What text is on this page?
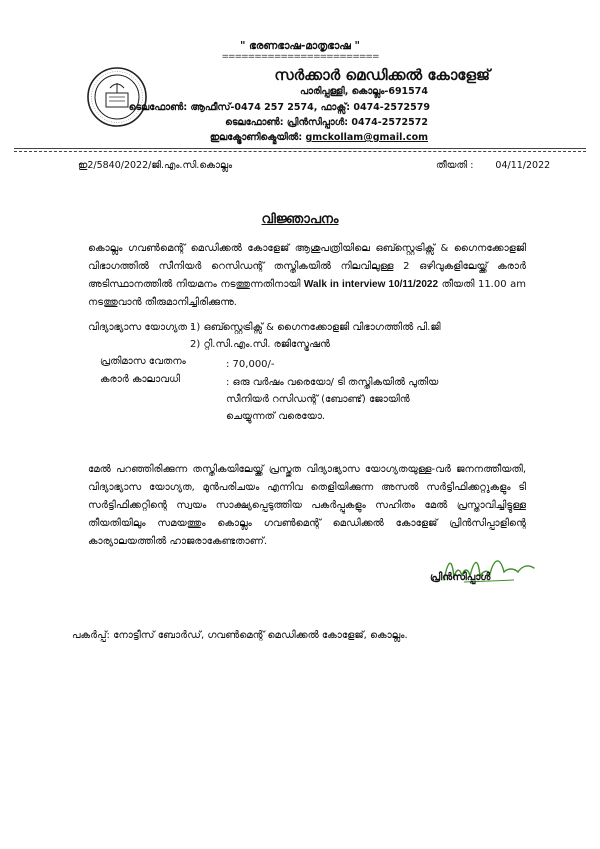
" ഭരണഭാഷ-മാതൃഭാഷ "
========================
സർക്കാർ മെഡിക്കൽ കോളേജ്
പാരിപ്പള്ളി, കൊല്ലം-691574
ടെലഫോൺ: ആഫീസ്-0474 257 2574, ഫാക്സ്: 0474-2572579
ടെലഫോൺ: പ്രിൻസിപ്പാൾ: 0474-2572572
ഇലക്ട്രോണിക്മെയിൽ: gmckollam@gmail.com
ഇ2/5840/2022/ജി.എം.സി.കൊല്ലം	തീയതി : 04/11/2022
വിജ്ഞാപനം
കൊല്ലം ഗവൺമെന്റ് മെഡിക്കൽ കോളേജ് ആശുപത്രിയിലെ ഒബ്സ്റ്റെട്രിക്സ് & ഗൈനക്കോളജി വിഭാഗത്തിൽ സീനിയർ റെസിഡന്റ് തസ്തികയിൽ നിലവിലുള്ള 2 ഒഴിവുകളിലേയ്ക്ക് കരാർ അടിസ്ഥാനത്തിൽ നിയമനം നടത്തുന്നതിനായി Walk in interview 10/11/2022 തീയതി 11.00 am നടത്തുവാൻ തീരുമാനിച്ചിരിക്കുന്നു.
വിദ്യാഭ്യാസ യോഗ്യത :
1) ഒബ്സ്റ്റെട്രിക്സ് & ഗൈനക്കോളജി വിഭാഗത്തിൽ പി.ജി
2) റ്റി.സി.എം.സി. രജിസ്ട്രേഷൻ
പ്രതിമാസ വേതനം	: 70,000/-
കരാർ കാലാവധി	: ഒരു വർഷം വരെയോ/ ടി തസ്തികയിൽ പുതിയ സീനിയർ റസിഡന്റ് (ബോണ്ട്) ജോയിൻ ചെയ്യുന്നത് വരെയോ.
മേൽ പറഞ്ഞിരിക്കുന്ന തസ്തികയിലേയ്ക്ക് പ്രസ്തുത വിദ്യാഭ്യാസ യോഗ്യതയുള്ള-വർ ജനനത്തീയതി, വിദ്യാഭ്യാസ യോഗ്യത, മുൻപരിചയം എന്നിവ തെളിയിക്കുന്ന അസൽ സർട്ടിഫിക്കറ്റുകളും ടി സർട്ടിഫിക്കറ്റിന്റെ സ്വയം സാക്ഷ്യപ്പെടുത്തിയ പകർപ്പുകളും സഹിതം മേൽ പ്രസ്താവിച്ചിട്ടുള്ള തീയതിയിലും സമയത്തും കൊല്ലം ഗവൺമെന്റ് മെഡിക്കൽ കോളേജ് പ്രിൻസിപ്പാളിന്റെ കാര്യാലയത്തിൽ ഹാജരാകേണ്ടതാണ്.
പ്രിൻസിപ്പാൾ
പകർപ്പ്: നോട്ടീസ് ബോർഡ്, ഗവൺമെന്റ് മെഡിക്കൽ കോളേജ്, കൊല്ലം.
